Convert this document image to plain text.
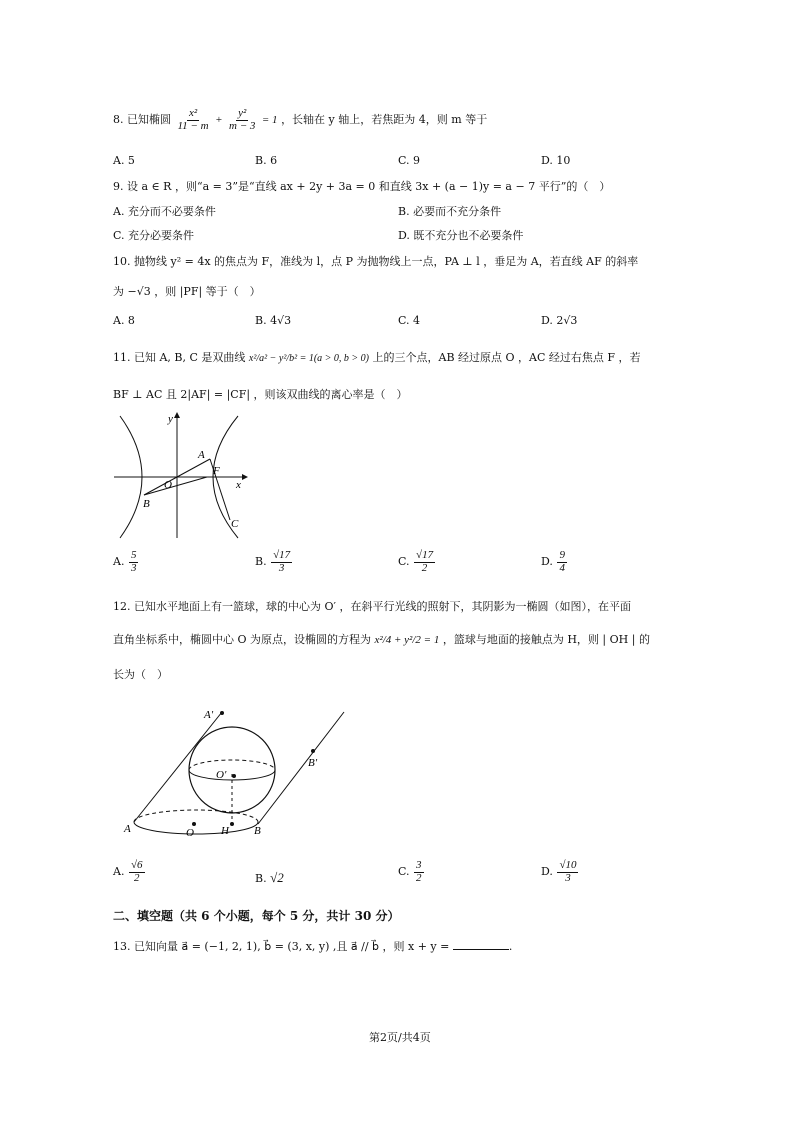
8. 已知椭圆 $\frac{\text{x²}}{11 - m} + \frac{\text{y²}}{m - 3} = 1$ ，长轴在 y 轴上，若焦距为 4，则 m 等于
A. 5	B. 6	C. 9	D. 10
9. 设 a ∈ R ，则“a = 3”是“直线 ax + 2y + 3a = 0 和直线 3x + (a − 1)y = a − 7 平行”的（　）
A. 充分而不必要条件	B. 必要而不充分条件
C. 充分必要条件	D. 既不充分也不必要条件
10. 抛物线 y² = 4x 的焦点为 F，准线为 l，点 P 为抛物线上一点，PA ⊥ l ，垂足为 A，若直线 AF 的斜率
为 −√3 ，则 |PF| 等于（　）
A. 8	B. 4√3	C. 4	D. 2√3
11. 已知 A, B, C 是双曲线 x²/a² − y²/b² = 1(a > 0, b > 0) 上的三个点，AB 经过原点 O ，AC 经过右焦点 F ，若
BF ⊥ AC 且 2|AF| = |CF| ，则该双曲线的离心率是（　）
y
x
A
F
O
B
C
A. $\frac{5}{3}$	B. $\frac{√17}{3}$	C. $\frac{√17}{2}$	D. $\frac{9}{4}$
12. 已知水平地面上有一篮球，球的中心为 O′ ，在斜平行光线的照射下，其阴影为一椭圆（如图），在平面
直角坐标系中，椭圆中心 O 为原点，设椭圆的方程为 x²/4 + y²/2 = 1 ，篮球与地面的接触点为 H，则 | OH | 的
长为（　）
A′
O′
B′
A	O H B
A. $\frac{√6}{2}$	B. √2	C. $\frac{3}{2}$	D. $\frac{√10}{3}$
二、填空题（共 6 个小题，每个 5 分，共计 30 分）
13. 已知向量 a⃗ = (−1, 2, 1), b⃗ = (3, x, y) ,且 a⃗ // b⃗ ，则 x + y =	.
第2页/共4页
